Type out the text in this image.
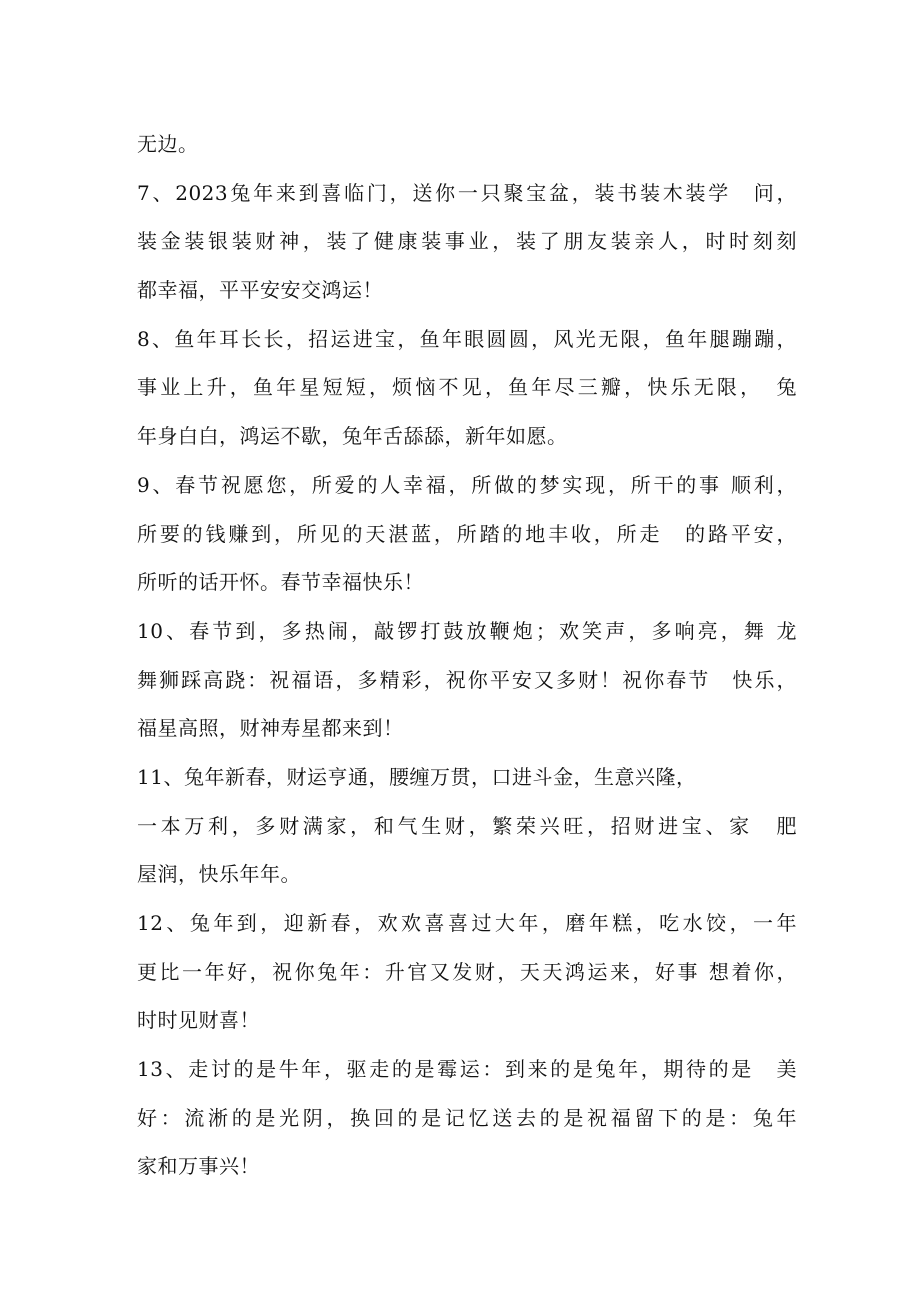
无边。
7、2023兔年来到喜临门，送你一只聚宝盆，装书装木装学　问，
装金装银装财神，装了健康装事业，装了朋友装亲人，时时刻刻
都幸福，平平安安交鸿运！
8、鱼年耳长长，招运进宝，鱼年眼圆圆，风光无限，鱼年腿蹦蹦，
事业上升，鱼年星短短，烦恼不见，鱼年尽三瓣，快乐无限，　兔
年身白白，鸿运不歇，兔年舌舔舔，新年如愿。
9、春节祝愿您，所爱的人幸福，所做的梦实现，所干的事 顺利，
所要的钱赚到，所见的天湛蓝，所踏的地丰收，所走　的路平安，
所听的话开怀。春节幸福快乐！
10、春节到，多热闹，敲锣打鼓放鞭炮；欢笑声，多响亮，舞 龙
舞狮踩高跷：祝福语，多精彩，祝你平安又多财！祝你春节　快乐，
福星高照，财神寿星都来到！
11、兔年新春，财运亨通，腰缠万贯，口进斗金，生意兴隆，
一本万利，多财满家，和气生财，繁荣兴旺，招财进宝、家　肥
屋润，快乐年年。
12、兔年到，迎新春，欢欢喜喜过大年，磨年糕，吃水饺，一年
更比一年好，祝你兔年：升官又发财，天天鸿运来，好事 想着你，
时时见财喜！
13、走讨的是牛年，驱走的是霉运：到来的是兔年，期待的是　美
好：流淅的是光阴，换回的是记忆送去的是祝福留下的是：兔年
家和万事兴！
